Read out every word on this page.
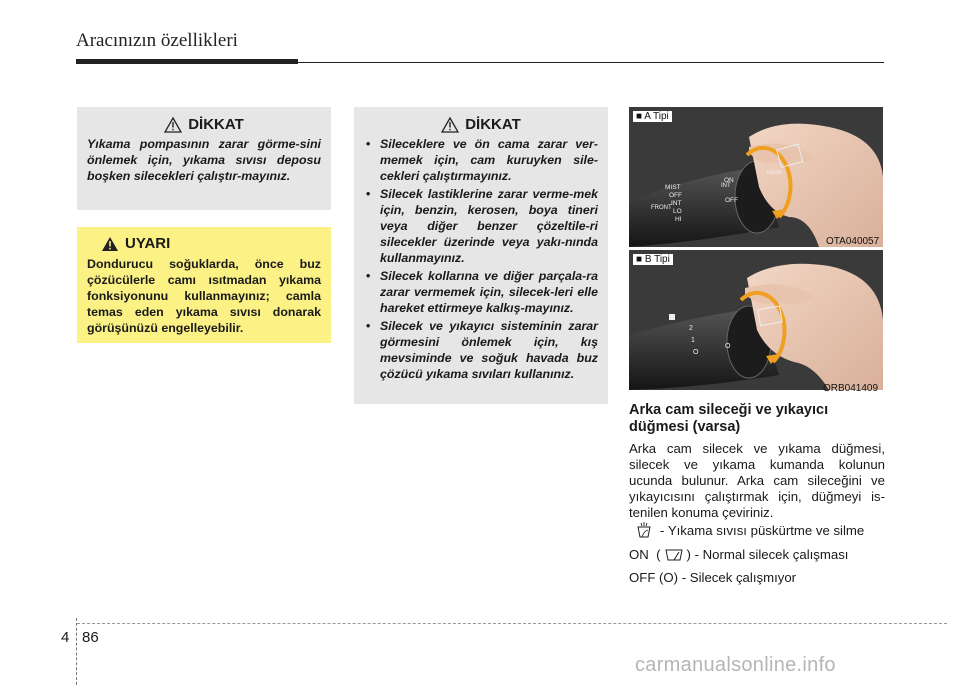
Aracınızın özellikleri
DİKKAT

Yıkama pompasının zarar görme-sini önlemek için, yıkama sıvısı deposu boşken silecekleri çalıştır-mayınız.

UYARI

Dondurucu soğuklarda, önce buz çözücülerle camı ısıtmadan yıkama fonksiyonunu kullanmayınız; camla temas eden yıkama sıvısı donarak görüşünüzü engelleyebilir.

DİKKAT
• Sileceklere ve ön cama zarar ver-memek için, cam kuruyken sile-cekleri çalıştırmayınız.
• Silecek lastiklerine zarar verme-mek için, benzin, kerosen, boya tineri veya diğer benzer çözeltile-ri silecekler üzerinde veya yakı-nında kullanmayınız.
• Silecek kollarına ve diğer parçala-ra zarar vermemek için, silecek-leri elle hareket ettirmeye kalkış-mayınız.
• Silecek ve yıkayıcı sisteminin zarar görmesini önlemek için, kış mevsiminde ve soğuk havada buz çözücü yıkama sıvıları kullanınız.
FRONT
MIST
OFF
INT
LO
HI
INT
ON
OFF
REAR
■ A Tipi
OTA040057
2
1
O
O
■ B Tipi
ORB041409
Arka cam sileceği ve yıkayıcı düğmesi (varsa)

Arka cam silecek ve yıkama düğmesi, silecek ve yıkama kumanda kolunun ucunda bulunur. Arka cam sileceğini ve yıkayıcısını çalıştırmak için, düğmeyi is-tenilen konuma çeviriniz.

- Yıkama sıvısı püskürtme ve silme
ON  ( ) - Normal silecek çalışması
OFF (O) - Silecek çalışmıyor
4 86
carmanualsonline.info
